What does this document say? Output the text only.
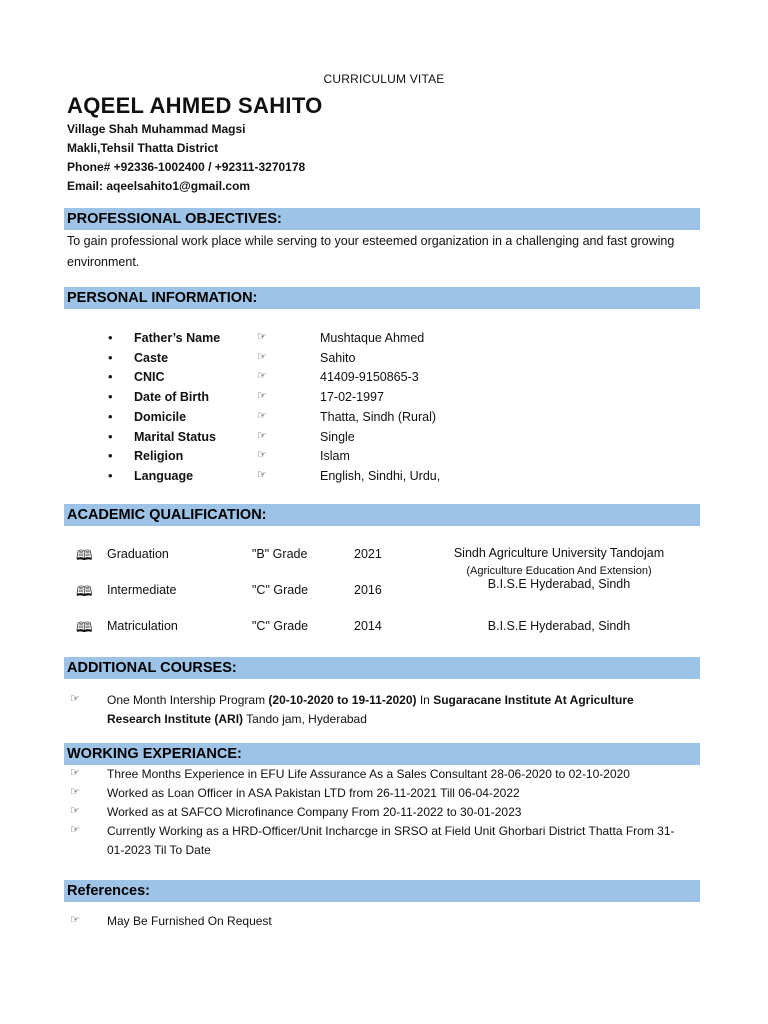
CURRICULUM VITAE
AQEEL AHMED SAHITO
Village Shah Muhammad Magsi
Makli,Tehsil Thatta District
Phone# +92336-1002400 / +92311-3270178
Email: aqeelsahito1@gmail.com
PROFESSIONAL OBJECTIVES:
To gain professional work place while serving to your esteemed organization in a challenging and fast growing environment.
PERSONAL INFORMATION:
• Father’s Name	☞	Mushtaque Ahmed
• Caste	☞	Sahito
• CNIC	☞	41409-9150865-3
• Date of Birth	☞	17-02-1997
• Domicile	☞	Thatta, Sindh (Rural)
• Marital Status	☞	Single
• Religion	☞	Islam
• Language	☞	English, Sindhi, Urdu,
ACADEMIC QUALIFICATION:
🕮 Graduation	"B" Grade	2021	Sindh Agriculture University Tandojam
(Agriculture Education And Extension)
🕮 Intermediate	"C" Grade	2016	B.I.S.E Hyderabad, Sindh
🕮 Matriculation	"C" Grade	2014	B.I.S.E Hyderabad, Sindh
ADDITIONAL COURSES:
☞ One Month Intership Program (20-10-2020 to 19-11-2020) In Sugaracane Institute At Agriculture
Research Institute (ARI) Tando jam, Hyderabad
WORKING EXPERIANCE:
☞ Three Months Experience in EFU Life Assurance As a Sales Consultant 28-06-2020 to 02-10-2020
☞ Worked as Loan Officer in ASA Pakistan LTD from 26-11-2021 Till 06-04-2022
☞ Worked as at SAFCO Microfinance Company From 20-11-2022 to 30-01-2023
☞ Currently Working as a HRD-Officer/Unit Incharcge in SRSO at Field Unit Ghorbari District Thatta From 31-
01-2023 Til To Date
References:
☞ May Be Furnished On Request
